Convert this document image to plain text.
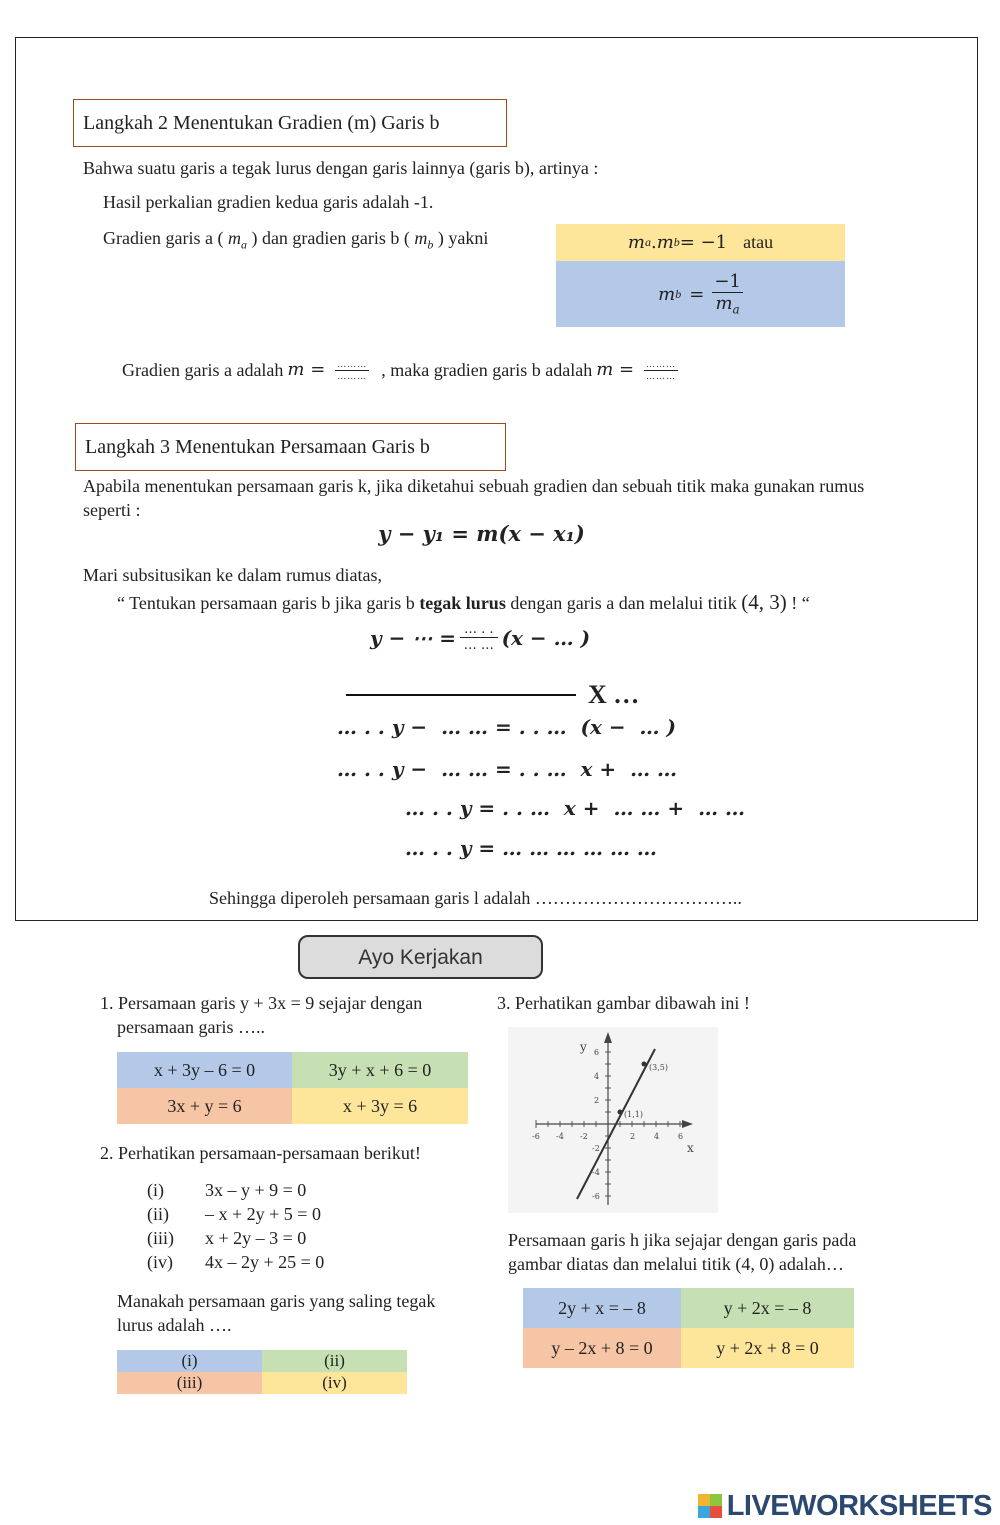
Langkah 2 Menentukan Gradien (m) Garis b
Bahwa suatu garis a tegak lurus dengan garis lainnya (garis b), artinya :
Hasil perkalian gradien kedua garis adalah -1.
Gradien garis a ( $m_a$ ) dan gradien garis b ( $m_b$ ) yakni	m a . m b = −1 atau
m $b = \frac{-1}{m_a}$
Gradien garis a adalah $m = \frac{\dots\dots\dots}{\dots\dots\dots}$ , maka gradien garis b adalah $m = \frac{\dots\dots\dots}{\dots\dots\dots}$
Langkah 3 Menentukan Persamaan Garis b
Apabila menentukan persamaan garis k, jika diketahui sebuah gradien dan sebuah titik maka gunakan rumus seperti :
y − y₁ = m(x − x₁)
Mari subsitusikan ke dalam rumus diatas,
“ Tentukan persamaan garis b jika garis b tegak lurus dengan garis a dan melalui titik (4, 3) ! “
y − ⋯ = $\frac{\dots . .}{\dots \dots} (x$ − … )
X …
… . . y −  … … = . . …  (x −  … )
… . . y −  … … = . . …  x +  … …
… . . y = . . …  x +  … … +  … …
… . . y = … … … … … …
Sehingga diperoleh persamaan garis l adalah ……………………………..
Ayo Kerjakan
1. Persamaan garis y + 3x = 9 sejajar dengan
persamaan garis …..
x + 3y – 6 = 0	3y + x + 6 = 0
3x + y = 6	x + 3y = 6
2. Perhatikan persamaan-persamaan berikut!
(i)	3x – y + 9 = 0
(ii)	– x + 2y + 5 = 0
(iii)	x + 2y – 3 = 0
(iv)	4x – 2y + 25 = 0
Manakah persamaan garis yang saling tegak
lurus adalah ….
(i)	(ii)
(iii)	(iv)
3. Perhatikan gambar dibawah ini !
y
x
-6 -4 -2	2 4 6
6
4
2
-2
-4
-6
(1,1)
(3,5)
Persamaan garis h jika sejajar dengan garis pada
gambar diatas dan melalui titik (4, 0) adalah…
2y + x = – 8	y + 2x = – 8
y – 2x + 8 = 0	y + 2x + 8 = 0
LIVEWORKSHEETS
